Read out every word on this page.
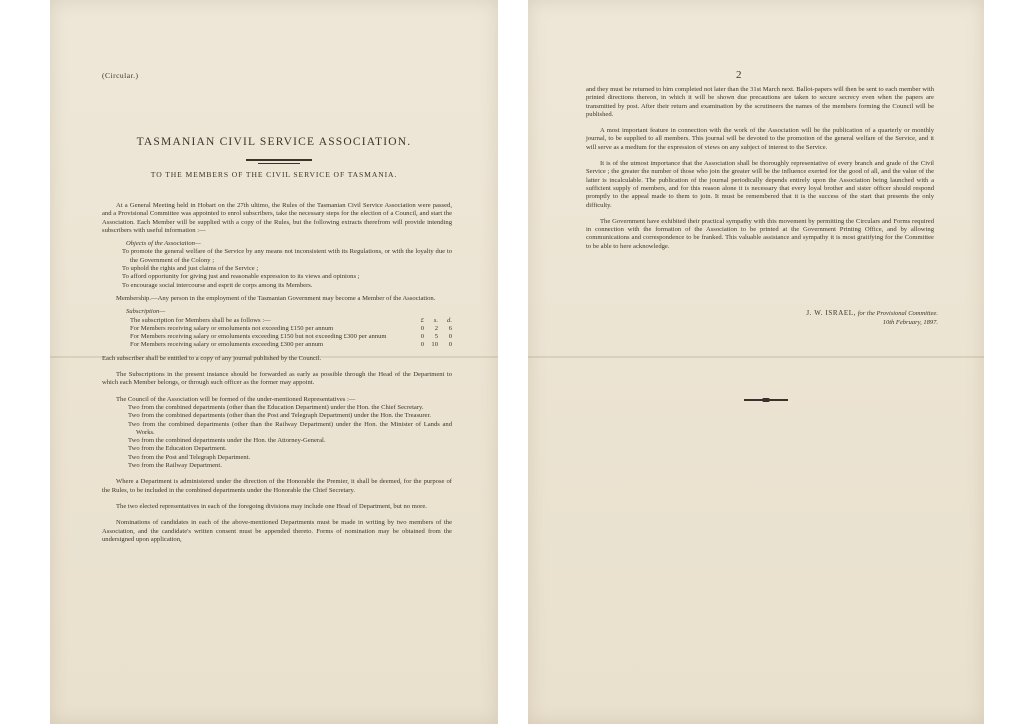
(Circular.)
TASMANIAN CIVIL SERVICE ASSOCIATION.
TO THE MEMBERS OF THE CIVIL SERVICE OF TASMANIA.

At a General Meeting held in Hobart on the 27th ultimo, the Rules of the Tasmanian Civil Service Association were passed, and a Provisional Committee was appointed to enrol subscribers, take the necessary steps for the election of a Council, and start the Association. Each Member will be supplied with a copy of the Rules, but the following extracts therefrom will provide intending subscribers with useful information :—

Objects of the Association—

To promote the general welfare of the Service by any means not inconsistent with its Regulations, or with the loyalty due to the Government of the Colony ;

To uphold the rights and just claims of the Service ;

To afford opportunity for giving just and reasonable expression to its views and opinions ;

To encourage social intercourse and esprit de corps among its Members.

Membership.—Any person in the employment of the Tasmanian Government may become a Member of the Association.

Subscription—
The subscription for Members shall be as follows :—	£	s.	d.
For Members receiving salary or emoluments not exceeding £150 per annum	0	2	6
For Members receiving salary or emoluments exceeding £150 but not exceeding £300 per annum	0	5	0
For Members receiving salary or emoluments exceeding £300 per annum	0	10	0

Each subscriber shall be entitled to a copy of any journal published by the Council.

The Subscriptions in the present instance should be forwarded as early as possible through the Head of the Department to which each Member belongs, or through such officer as the former may appoint.

The Council of the Association will be formed of the under-mentioned Representatives :—

Two from the combined departments (other than the Education Department) under the Hon. the Chief Secretary.

Two from the combined departments (other than the Post and Telegraph Department) under the Hon. the Treasurer.

Two from the combined departments (other than the Railway Department) under the Hon. the Minister of Lands and Works.

Two from the combined departments under the Hon. the Attorney-General.

Two from the Education Department.

Two from the Post and Telegraph Department.

Two from the Railway Department.

Where a Department is administered under the direction of the Honorable the Premier, it shall be deemed, for the purpose of the Rules, to be included in the combined departments under the Honorable the Chief Secretary.

The two elected representatives in each of the foregoing divisions may include one Head of Department, but no more.

Nominations of candidates in each of the above-mentioned Departments must be made in writing by two members of the Association, and the candidate's written consent must be appended thereto. Forms of nomination may be obtained from the undersigned upon application,

2

and they must be returned to him completed not later than the 31st March next. Ballot-papers will then be sent to each member with printed directions thereon, in which it will be shown due precautions are taken to secure secrecy even when the papers are transmitted by post. After their return and examination by the scrutineers the names of the members forming the Council will be published.

A most important feature in connection with the work of the Association will be the publication of a quarterly or monthly journal, to be supplied to all members. This journal will be devoted to the promotion of the general welfare of the Service, and it will serve as a medium for the expression of views on any subject of interest to the Service.

It is of the utmost importance that the Association shall be thoroughly representative of every branch and grade of the Civil Service ; the greater the number of those who join the greater will be the influence exerted for the good of all, and the value of the latter is incalculable. The publication of the journal periodically depends entirely upon the Association being launched with a sufficient supply of members, and for this reason alone it is necessary that every loyal brother and sister officer should respond promptly to the appeal made to them to join. It must be remembered that it is the success of the start that presents the only difficulty.

The Government have exhibited their practical sympathy with this movement by permitting the Circulars and Forms required in connection with the formation of the Association to be printed at the Government Printing Office, and by allowing communications and correspondence to be franked. This valuable assistance and sympathy it is most gratifying for the Committee to be able to here acknowledge.

J. W. ISRAEL, for the Provisional Committee.
10th February, 1897.
